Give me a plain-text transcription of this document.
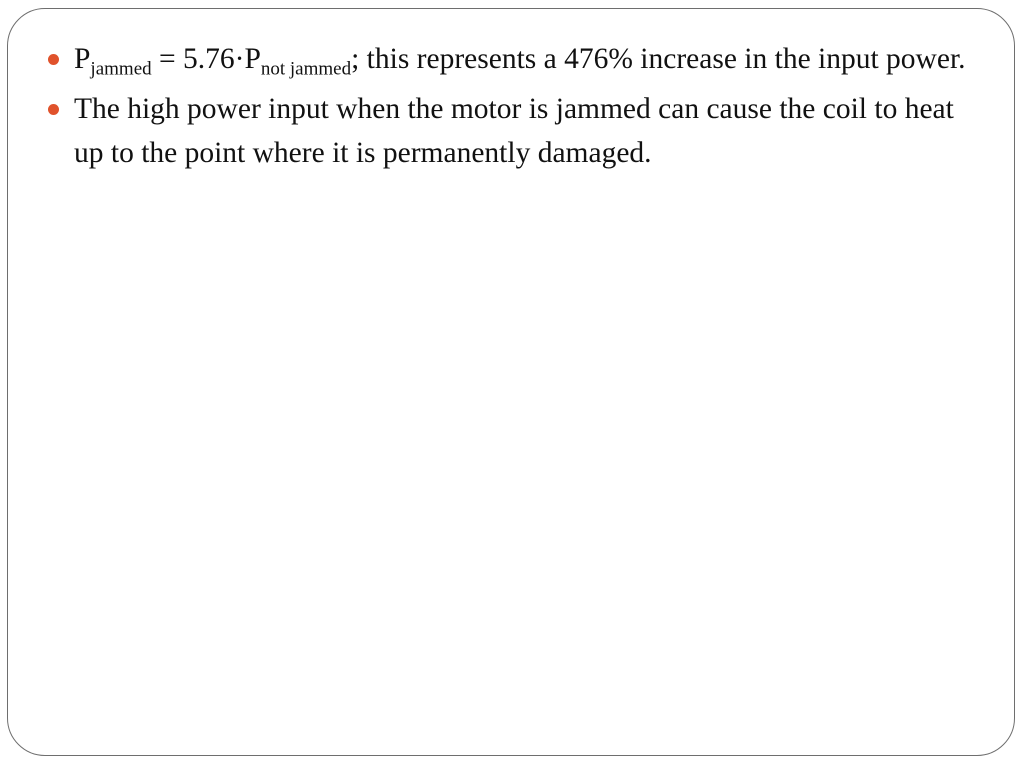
$P_{jammed} = 5.76\cdot P_{not jammed}$; this represents a 476% increase in the input power.
The high power input when the motor is jammed can cause the coil to heat up to the point where it is permanently damaged.
